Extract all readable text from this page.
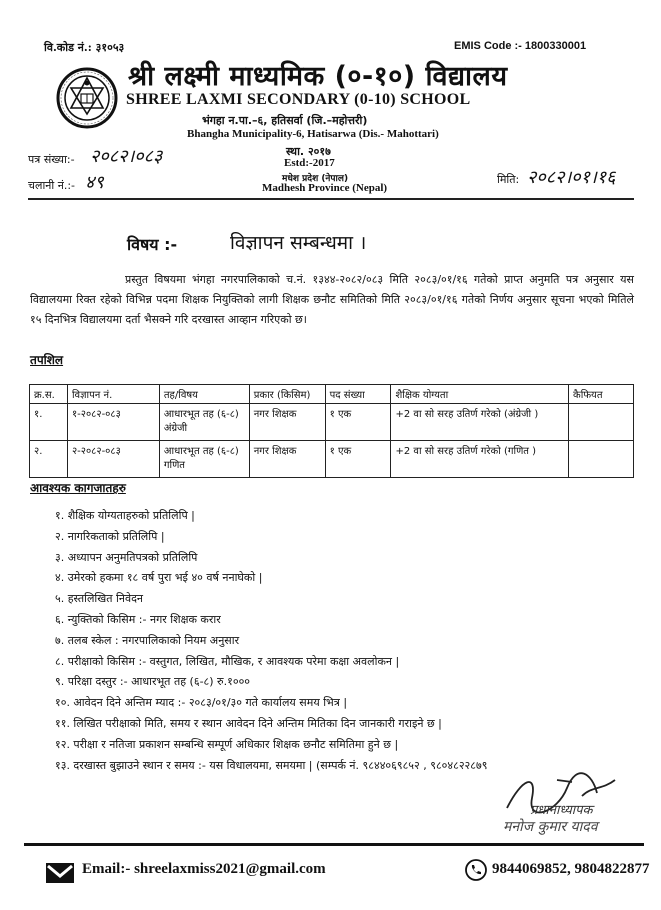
वि.कोड नं.: ३१०५३	EMIS Code :- 1800330001
श्री लक्ष्मी माध्यमिक (०-१०) विद्यालय
SHREE LAXMI SECONDARY (0-10) SCHOOL
भंगहा न.पा.–६, हतिसर्वा (जि.–महोत्तरी)
Bhangha Municipality-6, Hatisarwa (Dis.- Mahottari)
स्था. २०१७
Estd:-2017
मधेश प्रदेश (नेपाल)
Madhesh Province (Nepal)
पत्र संख्या:- २०८२।०८३
चलानी नं.:- ४९	मिति: २०८२।०१।१६
विषय :-	विज्ञापन सम्बन्धमा ।
प्रस्तुत विषयमा भंगहा नगरपालिकाको च.नं. १३४४-२०८२/०८३ मिति २०८३/०१/१६ गतेको प्राप्त अनुमति पत्र अनुसार यस विद्यालयमा रिक्त रहेको विभिन्न पदमा शिक्षक नियुक्तिको लागी शिक्षक छनौट समितिको मिति २०८३/०१/१६ गतेको निर्णय अनुसार सूचना भएको मितिले १५ दिनभित्र विद्यालयमा दर्ता भैसक्ने गरि दरखास्त आव्हान गरिएको छ।
तपशिल
क्र.स.	विज्ञापन नं.	तह/विषय	प्रकार (किसिम)	पद संख्या	शैक्षिक योग्यता	कैफियत
१.	१-२०८२-०८३	आधारभूत तह (६-८) अंग्रेजी	नगर शिक्षक	१ एक	+2 वा सो सरह उतिर्ण गरेको (अंग्रेजी )	
२.	२-२०८२-०८३	आधारभूत तह (६-८) गणित	नगर शिक्षक	१ एक	+2 वा सो सरह उतिर्ण गरेको (गणित )	
आवश्यक कागजातहरु
१. शैक्षिक योग्यताहरुको प्रतिलिपि |
२. नागरिकताको प्रतिलिपि |
३. अध्यापन अनुमतिपत्रको प्रतिलिपि
४. उमेरको हकमा १८ वर्ष पुरा भई ४० वर्ष ननाघेको |
५. हस्तलिखित निवेदन
६. न्युक्तिको किसिम :- नगर शिक्षक करार
७. तलब स्केल : नगरपालिकाको नियम अनुसार
८. परीक्षाको किसिम :- वस्तुगत, लिखित, मौखिक, र आवश्यक परेमा कक्षा अवलोकन |
९. परिक्षा दस्तुर :- आधारभूत तह (६-८) रु.१०००
१०. आवेदन दिने अन्तिम म्याद :- २०८३/०१/३० गते कार्यालय समय भित्र |
११. लिखित परीक्षाको मिति, समय र स्थान आवेदन दिने अन्तिम मितिका दिन जानकारी गराइने छ |
१२. परीक्षा र नतिजा प्रकाशन सम्बन्धि सम्पूर्ण अधिकार शिक्षक छनौट समितिमा हुने छ |
१३. दरखास्त बुझाउने स्थान र समय :- यस विधालयमा, समयमा | (सम्पर्क नं. ९८४४०६९८५२ , ९८०४८२२८७९
प्रधानाध्यापक
मनोज कुमार यादव
Email:- shreelaxmiss2021@gmail.com	9844069852, 9804822877
